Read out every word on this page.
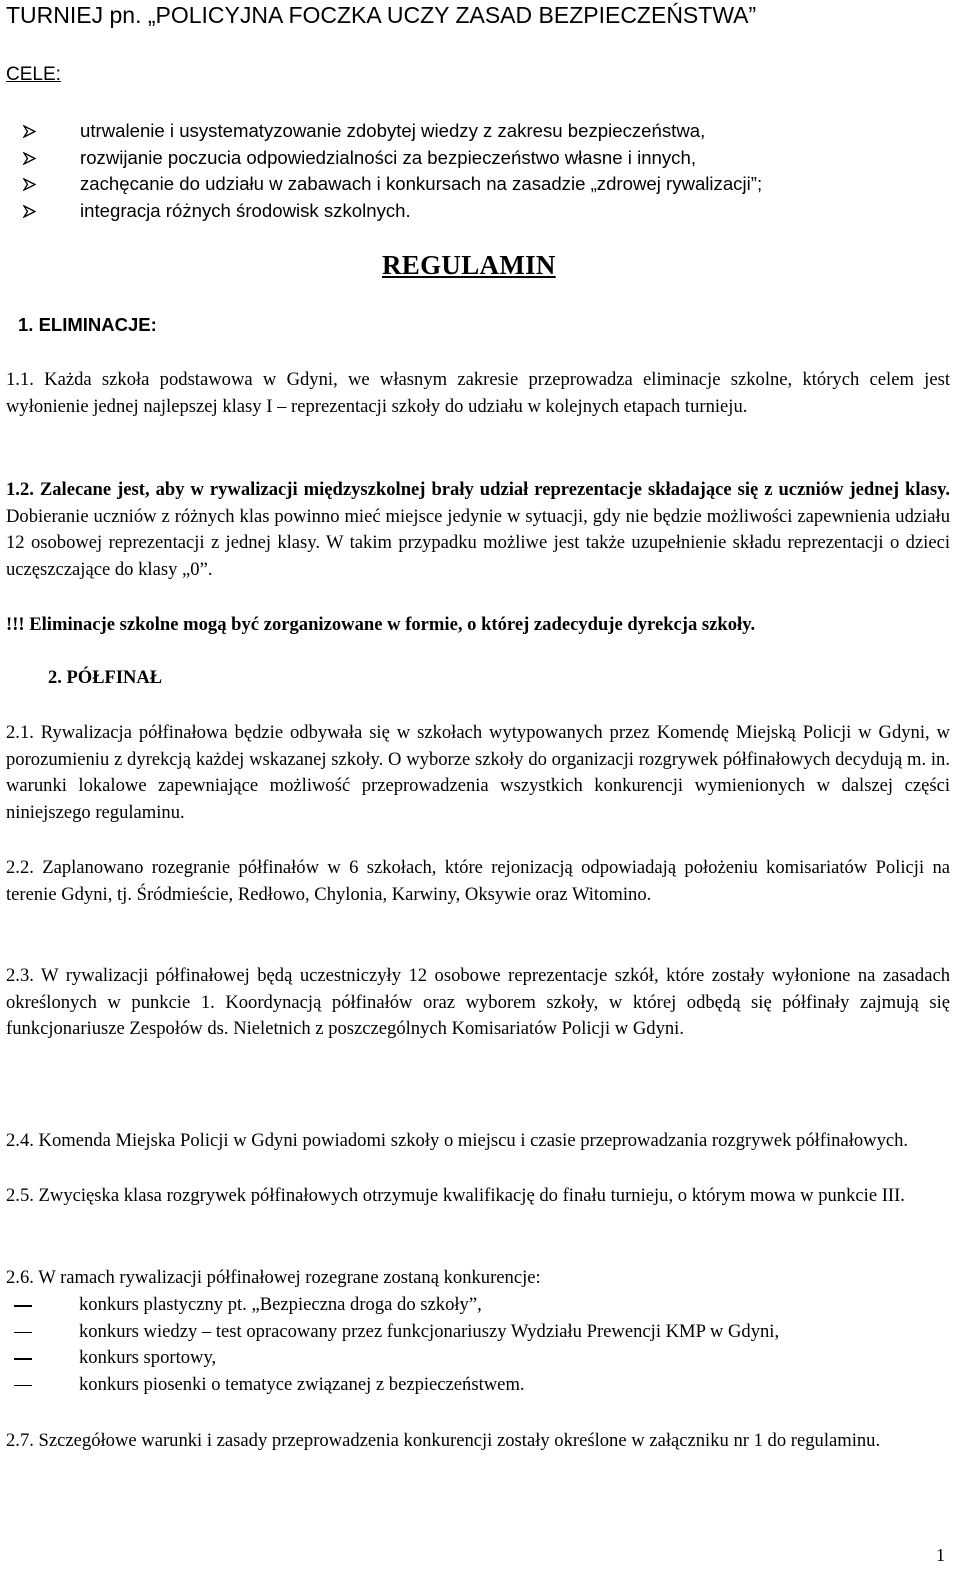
TURNIEJ pn. „POLICYJNA FOCZKA UCZY ZASAD BEZPIECZEŃSTWA”
CELE:
utrwalenie i usystematyzowanie zdobytej wiedzy z zakresu bezpieczeństwa,
rozwijanie poczucia odpowiedzialności za bezpieczeństwo własne i innych,
zachęcanie do udziału w zabawach i konkursach na zasadzie „zdrowej rywalizacji”;
integracja różnych środowisk szkolnych.
REGULAMIN
1. ELIMINACJE:

1.1. Każda szkoła podstawowa w Gdyni, we własnym zakresie przeprowadza eliminacje szkolne, których celem jest wyłonienie jednej najlepszej klasy I – reprezentacji szkoły do udziału w kolejnych etapach turnieju.

1.2. Zalecane jest, aby w rywalizacji międzyszkolnej brały udział reprezentacje składające się z uczniów jednej klasy. Dobieranie uczniów z różnych klas powinno mieć miejsce jedynie w sytuacji, gdy nie będzie możliwości zapewnienia udziału 12 osobowej reprezentacji z jednej klasy. W takim przypadku możliwe jest także uzupełnienie składu reprezentacji o dzieci uczęszczające do klasy „0”.

!!! Eliminacje szkolne mogą być zorganizowane w formie, o której zadecyduje dyrekcja szkoły.
2. PÓŁFINAŁ

2.1. Rywalizacja półfinałowa będzie odbywała się w szkołach wytypowanych przez Komendę Miejską Policji w Gdyni, w porozumieniu z dyrekcją każdej wskazanej szkoły. O wyborze szkoły do organizacji rozgrywek półfinałowych decydują m. in. warunki lokalowe zapewniające możliwość przeprowadzenia wszystkich konkurencji wymienionych w dalszej części niniejszego regulaminu.

2.2. Zaplanowano rozegranie półfinałów w 6 szkołach, które rejonizacją odpowiadają położeniu komisariatów Policji na terenie Gdyni, tj. Śródmieście, Redłowo, Chylonia, Karwiny, Oksywie oraz Witomino.

2.3. W rywalizacji półfinałowej będą uczestniczyły 12 osobowe reprezentacje szkół, które zostały wyłonione na zasadach określonych w punkcie 1. Koordynacją półfinałów oraz wyborem szkoły, w której odbędą się półfinały zajmują się funkcjonariusze Zespołów ds. Nieletnich z poszczególnych Komisariatów Policji w Gdyni.

2.4. Komenda Miejska Policji w Gdyni powiadomi szkoły o miejscu i czasie przeprowadzania rozgrywek półfinałowych.

2.5. Zwycięska klasa rozgrywek półfinałowych otrzymuje kwalifikację do finału turnieju, o którym mowa w punkcie III.

2.6. W ramach rywalizacji półfinałowej rozegrane zostaną konkurencje:

konkurs plastyczny pt. „Bezpieczna droga do szkoły”,
konkurs wiedzy – test opracowany przez funkcjonariuszy Wydziału Prewencji KMP w Gdyni,
konkurs sportowy,
konkurs piosenki o tematyce związanej z bezpieczeństwem.

2.7. Szczegółowe warunki i zasady przeprowadzenia konkurencji zostały określone w załączniku nr 1 do regulaminu.

1
